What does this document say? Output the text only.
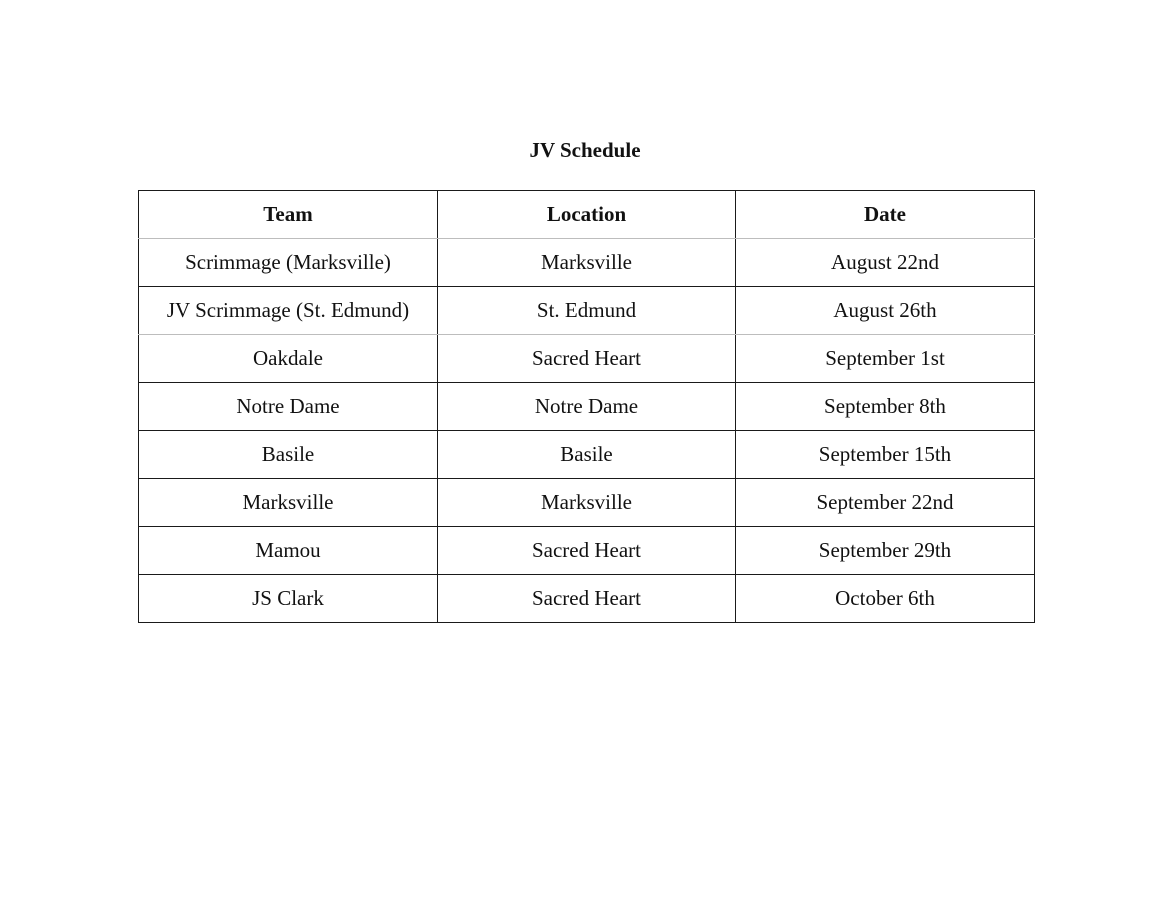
JV Schedule
Team	Location	Date
Scrimmage (Marksville)	Marksville	August 22nd
JV Scrimmage (St. Edmund)	St. Edmund	August 26th
Oakdale	Sacred Heart	September 1st
Notre Dame	Notre Dame	September 8th
Basile	Basile	September 15th
Marksville	Marksville	September 22nd
Mamou	Sacred Heart	September 29th
JS Clark	Sacred Heart	October 6th
